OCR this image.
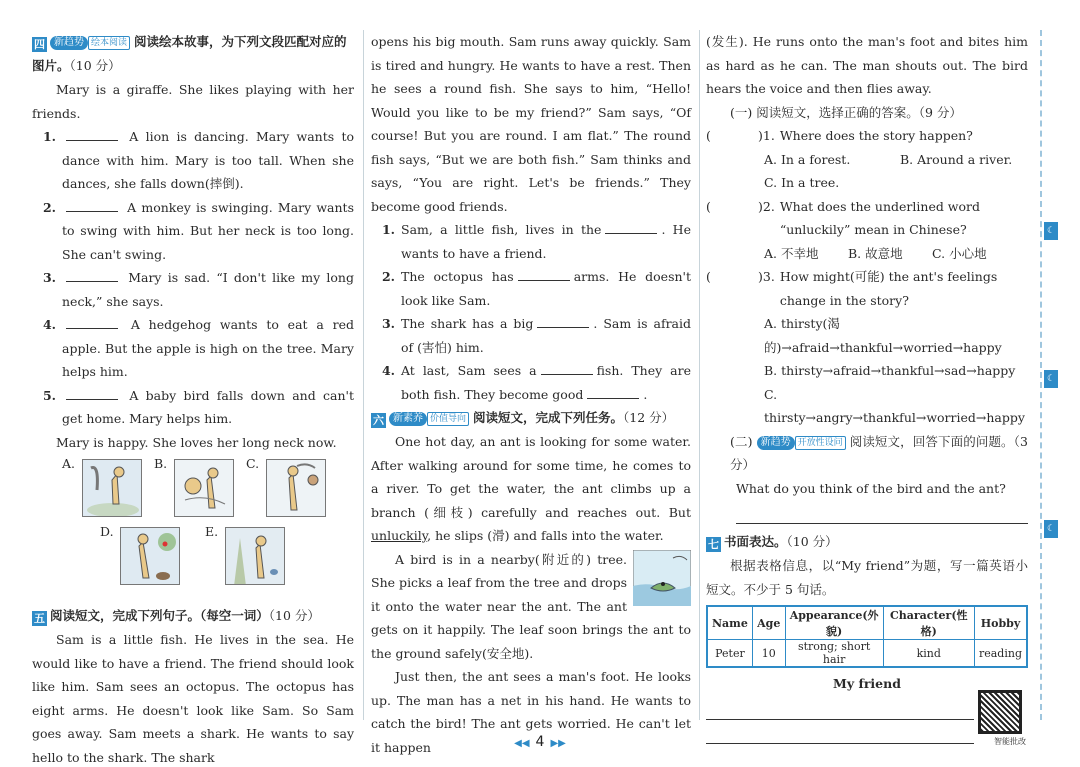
☾
☾
☾
四 新趋势 绘本阅读 阅读绘本故事，为下列文段匹配对应的图片。（10 分）

Mary is a giraffe. She likes playing with her friends.

1.	A lion is dancing. Mary wants to dance with him. Mary is too tall. When she dances, she falls down(摔倒).
2.	A monkey is swinging. Mary wants to swing with him. But her neck is too long. She can't swing.
3.	Mary is sad. “I don't like my long neck,” she says.
4.	A hedgehog wants to eat a red apple. But the apple is high on the tree. Mary helps him.
5.	A baby bird falls down and can't get home. Mary helps him.

Mary is happy. She loves her long neck now.

A.	B.	C.
D.	E.
五 阅读短文，完成下列句子。（每空一词）（10 分）

Sam is a little fish. He lives in the sea. He would like to have a friend. The friend should look like him. Sam sees an octopus. The octopus has eight arms. He doesn't look like Sam. So Sam goes away. Sam meets a shark. He wants to say hello to the shark. The shark

opens his big mouth. Sam runs away quickly. Sam is tired and hungry. He wants to have a rest. Then he sees a round fish. She says to him, “Hello! Would you like to be my friend?” Sam says, “Of course! But you are round. I am flat.” The round fish says, “But we are both fish.” Sam thinks and says, “You are right. Let's be friends.” They become good friends.

1. Sam, a little fish, lives in the	. He wants to have a friend.
2. The octopus has	arms. He doesn't look like Sam.
3. The shark has a big	. Sam is afraid of (害怕) him.
4. At last, Sam sees a	fish. They are both fish. They become good	.
六 新素养 价值导向 阅读短文，完成下列任务。（12 分）

One hot day, an ant is looking for some water. After walking around for some time, he comes to a river. To get the water, the ant climbs up a branch (细枝) carefully and reaches out. But unluckily, he slips (滑) and falls into the water.

A bird is in a nearby(附近的) tree. She picks a leaf from the tree and drops it onto the water near the ant. The ant gets on it happily. The leaf soon brings the ant to the ground safely(安全地).

Just then, the ant sees a man's foot. He looks up. The man has a net in his hand. He wants to catch the bird! The ant gets worried. He can't let it happen

(发生). He runs onto the man's foot and bites him as hard as he can. The man shouts out. The bird hears the voice and then flies away.

(一) 阅读短文，选择正确的答案。（9 分）

(	)1. Where does the story happen?
A. In a forest.	B. Around a river.
C. In a tree.
(	)2. What does the underlined word “unluckily” mean in Chinese?
A. 不幸地 B. 故意地 C. 小心地
(	)3. How might(可能) the ant's feelings change in the story?
A. thirsty(渴的)→afraid→thankful→worried→happy
B. thirsty→afraid→thankful→sad→happy
C. thirsty→angry→thankful→worried→happy

(二) 新趋势 开放性设问 阅读短文，回答下面的问题。（3 分）

What do you think of the bird and the ant?

七 书面表达。（10 分）

根据表格信息，以“My friend”为题，写一篇英语小短文。不少于 5 句话。

Name	Age	Appearance(外貌)	Character(性格)	Hobby
Peter	10	strong; short hair	kind	reading

My friend

智能批改
◀◀ 4 ▶▶
